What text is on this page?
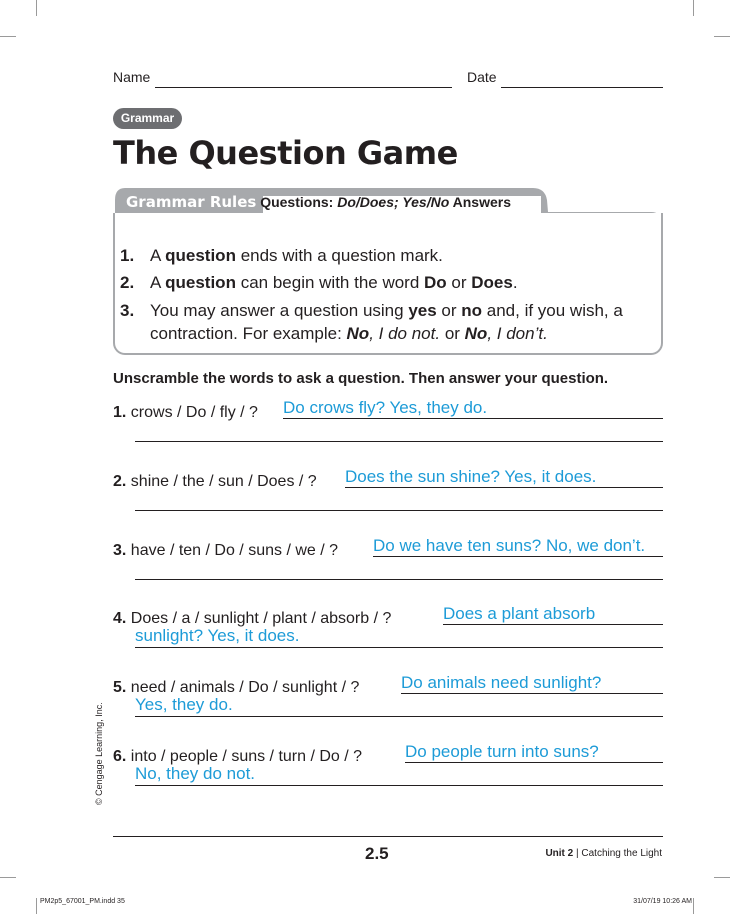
Name	Date
Grammar
The Question Game
Grammar Rules Questions: Do/Does; Yes/No Answers
1. A question ends with a question mark.
2. A question can begin with the word Do or Does.
3. You may answer a question using yes or no and, if you wish, a contraction. For example: No, I do not. or No, I don’t.
Unscramble the words to ask a question. Then answer your question.
1. crows / Do / fly / ? Do crows fly? Yes, they do.
2. shine / the / sun / Does / ? Does the sun shine? Yes, it does.
3. have / ten / Do / suns / we / ? Do we have ten suns? No, we don’t.
4. Does / a / sunlight / plant / absorb / ?	Does a plant absorb
sunlight? Yes, it does.
5. need / animals / Do / sunlight / ? Do animals need sunlight?
Yes, they do.
6. into / people / suns / turn / Do / ?	Do people turn into suns?
No, they do not.
© Cengage Learning, Inc.
2.5	Unit 2 | Catching the Light
PM2p5_67001_PM.indd 35	31/07/19 10:26 AM
